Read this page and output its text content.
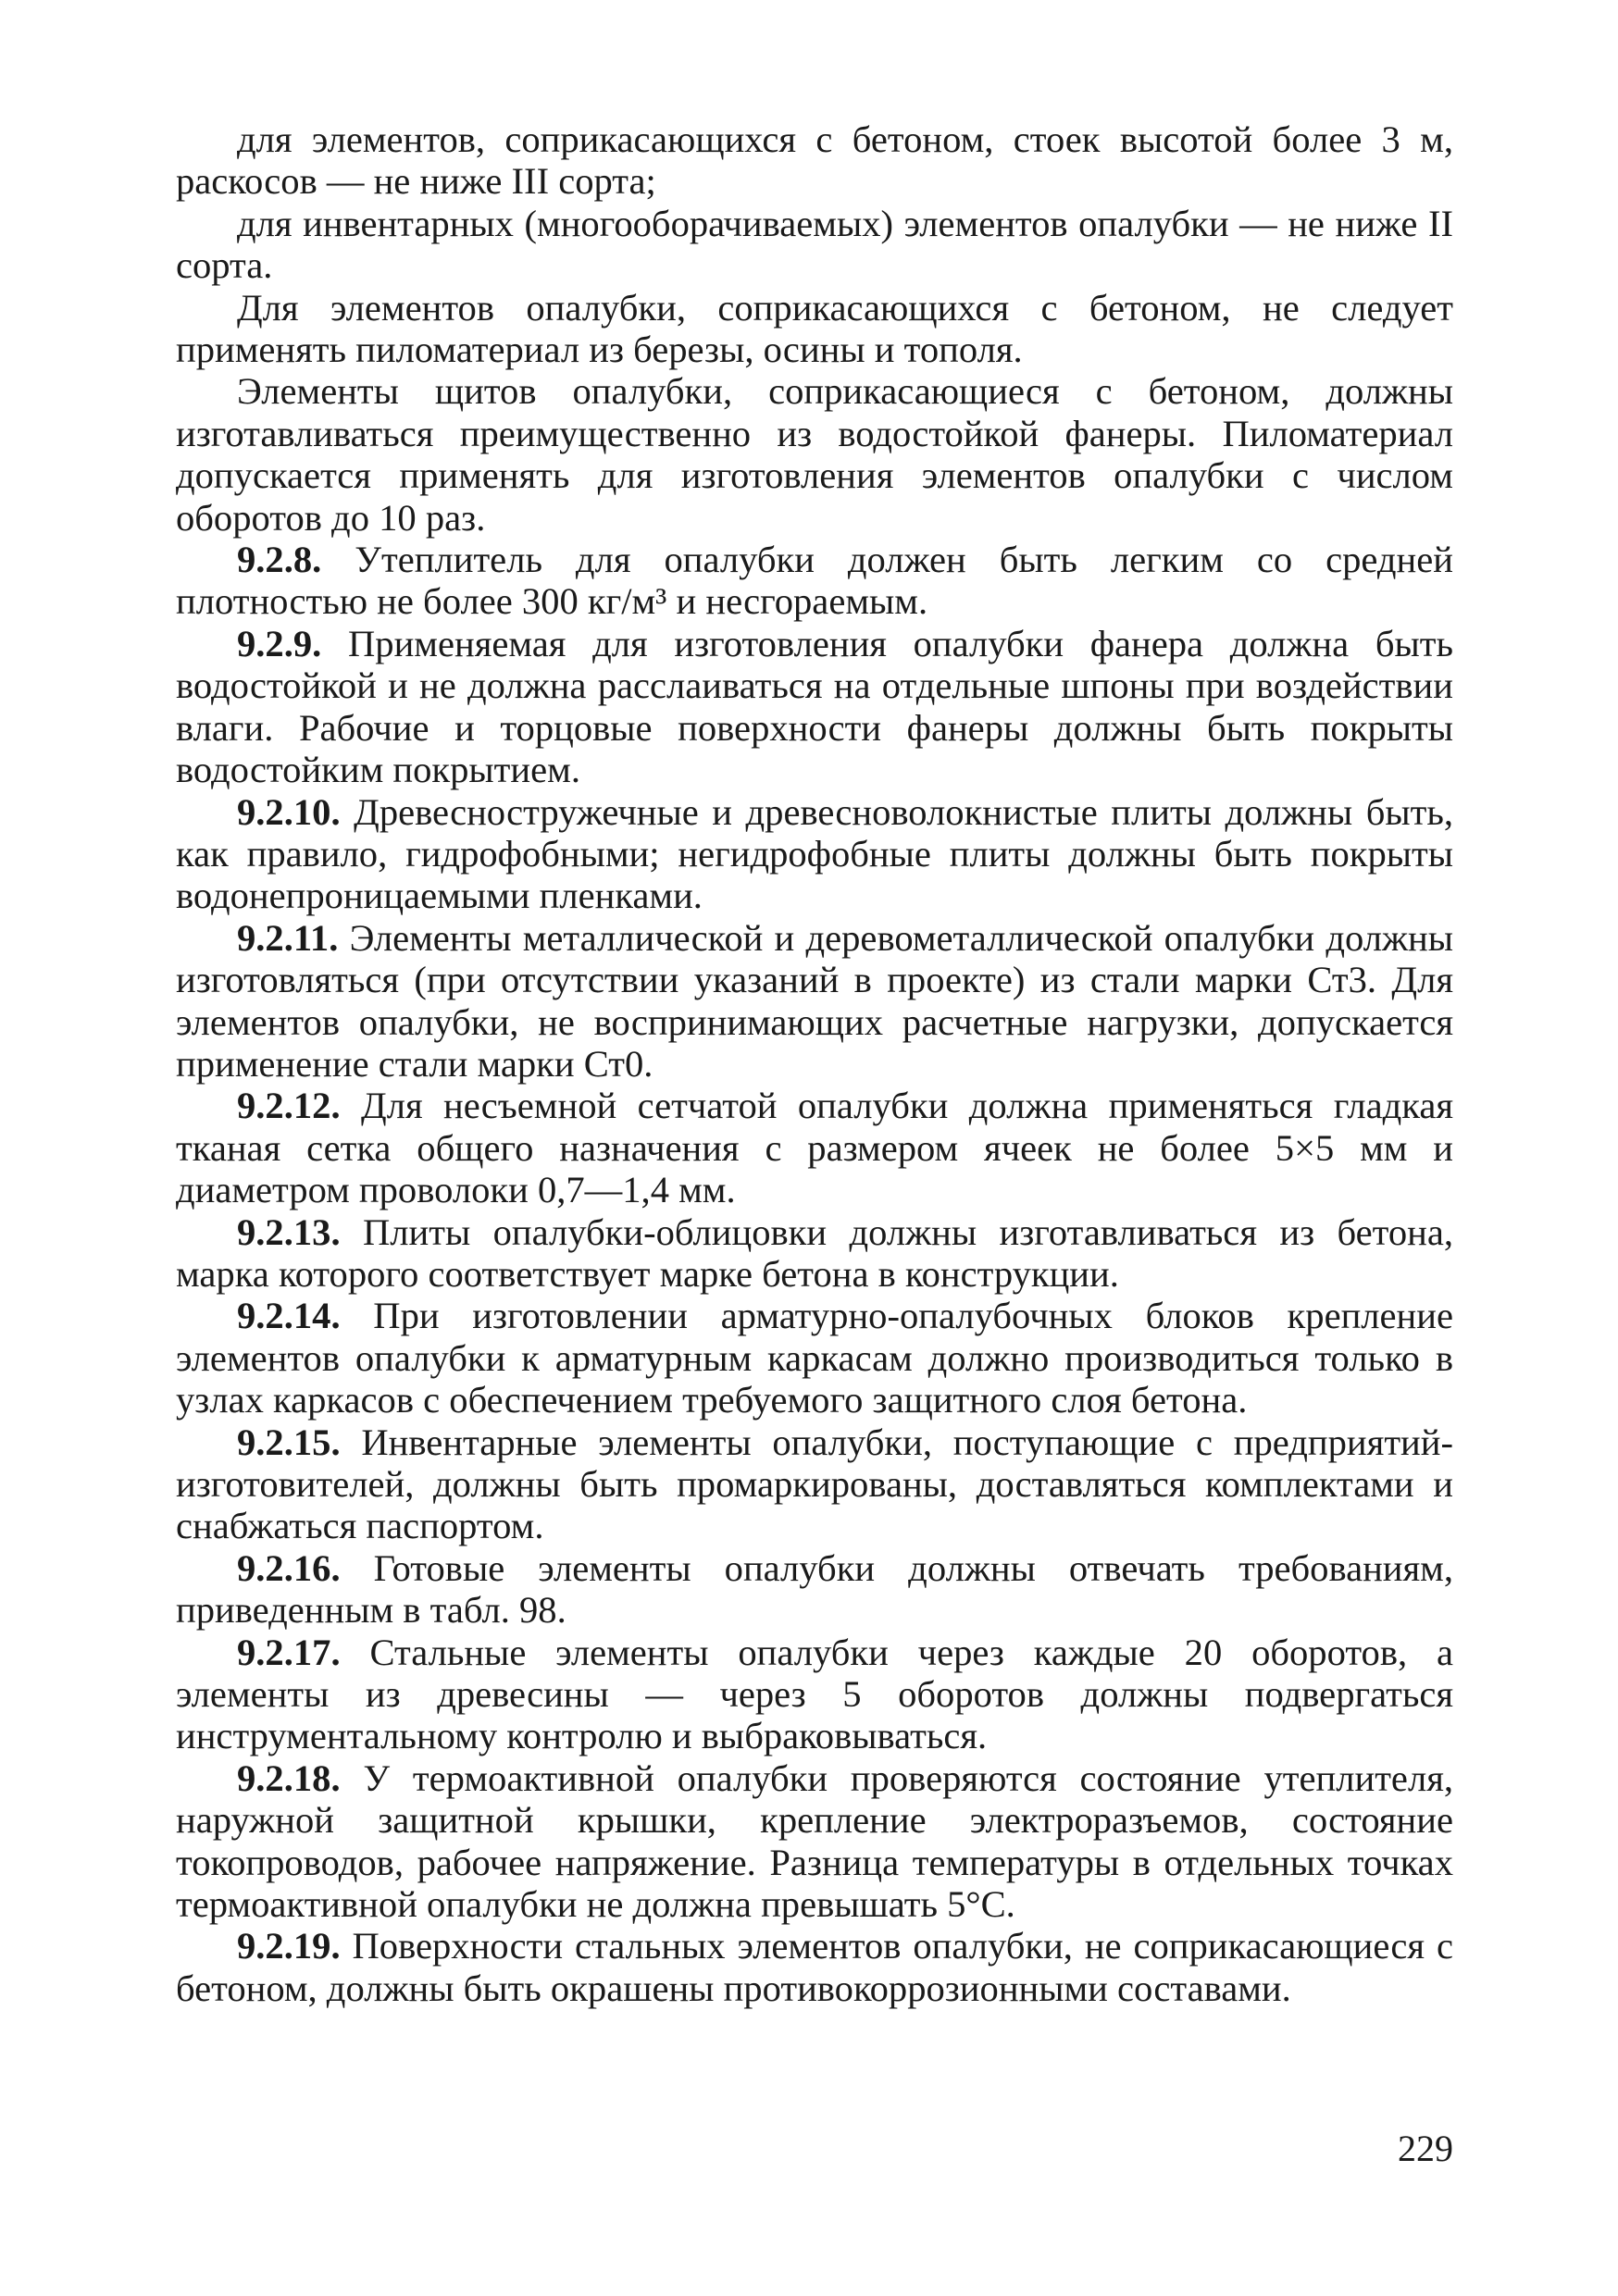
для элементов, соприкасающихся с бетоном, стоек высотой более 3 м, раскосов — не ниже III сорта;

для инвентарных (многооборачиваемых) элементов опалубки — не ниже II сорта.

Для элементов опалубки, соприкасающихся с бетоном, не следует применять пиломатериал из березы, осины и тополя.

Элементы щитов опалубки, соприкасающиеся с бетоном, должны изготавливаться преимущественно из водостойкой фанеры. Пиломатериал допускается применять для изготовления элементов опалубки с числом оборотов до 10 раз.

9.2.8. Утеплитель для опалубки должен быть легким со средней плотностью не более 300 кг/м³ и несгораемым.

9.2.9. Применяемая для изготовления опалубки фанера должна быть водостойкой и не должна расслаиваться на отдельные шпоны при воздействии влаги. Рабочие и торцовые поверхности фанеры должны быть покрыты водостойким покрытием.

9.2.10. Древесностружечные и древесноволокнистые плиты должны быть, как правило, гидрофобными; негидрофобные плиты должны быть покрыты водонепроницаемыми пленками.

9.2.11. Элементы металлической и деревометаллической опалубки должны изготовляться (при отсутствии указаний в проекте) из стали марки Ст3. Для элементов опалубки, не воспринимающих расчетные нагрузки, допускается применение стали марки Ст0.

9.2.12. Для несъемной сетчатой опалубки должна применяться гладкая тканая сетка общего назначения с размером ячеек не более 5×5 мм и диаметром проволоки 0,7—1,4 мм.

9.2.13. Плиты опалубки-облицовки должны изготавливаться из бетона, марка которого соответствует марке бетона в конструкции.

9.2.14. При изготовлении арматурно-опалубочных блоков крепление элементов опалубки к арматурным каркасам должно производиться только в узлах каркасов с обеспечением требуемого защитного слоя бетона.

9.2.15. Инвентарные элементы опалубки, поступающие с предприятий-изготовителей, должны быть промаркированы, доставляться комплектами и снабжаться паспортом.

9.2.16. Готовые элементы опалубки должны отвечать требованиям, приведенным в табл. 98.

9.2.17. Стальные элементы опалубки через каждые 20 оборотов, а элементы из древесины — через 5 оборотов должны подвергаться инструментальному контролю и выбраковываться.

9.2.18. У термоактивной опалубки проверяются состояние утеплителя, наружной защитной крышки, крепление электроразъемов, состояние токопроводов, рабочее напряжение. Разница температуры в отдельных точках термоактивной опалубки не должна превышать 5°C.

9.2.19. Поверхности стальных элементов опалубки, не соприкасающиеся с бетоном, должны быть окрашены противокоррозионными составами.

229
